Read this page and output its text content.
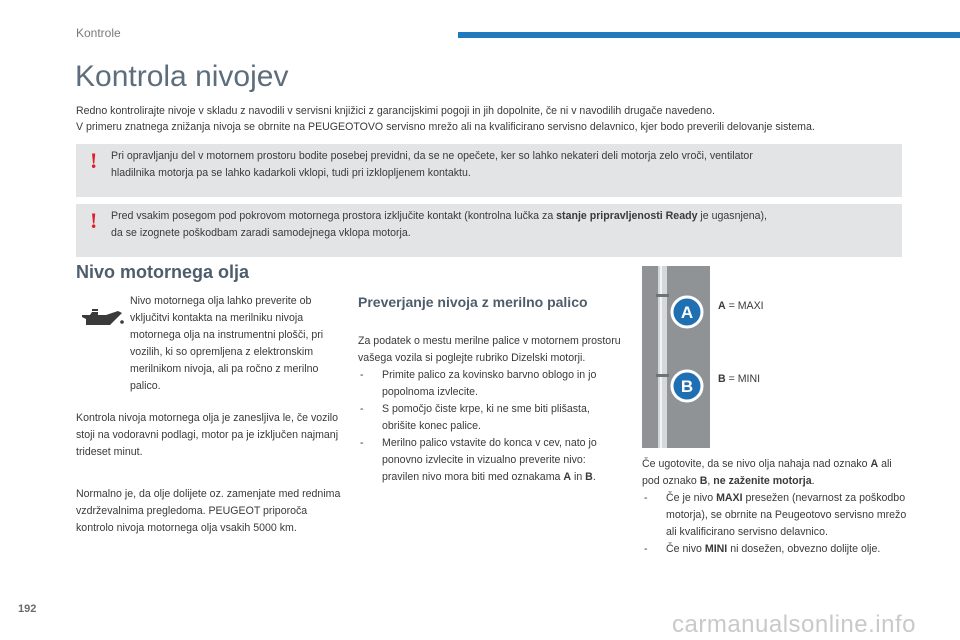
Kontrole
Kontrola nivojev

Redno kontrolirajte nivoje v skladu z navodili v servisni knjižici z garancijskimi pogoji in jih dopolnite, če ni v navodilih drugače navedeno.

V primeru znatnega znižanja nivoja se obrnite na PEUGEOTOVO servisno mrežo ali na kvalificirano servisno delavnico, kjer bodo preverili delovanje sistema.

! Pri opravljanju del v motornem prostoru bodite posebej previdni, da se ne opečete, ker so lahko nekateri deli motorja zelo vroči, ventilator
hladilnika motorja pa se lahko kadarkoli vklopi, tudi pri izklopljenem kontaktu.
! Pred vsakim posegom pod pokrovom motornega prostora izključite kontakt (kontrolna lučka za stanje pripravljenosti Ready je ugasnjena),
da se izognete poškodbam zaradi samodejnega vklopa motorja.
Nivo motornega olja
Nivo motornega olja lahko preverite ob vključitvi kontakta na merilniku nivoja motornega olja na instrumentni plošči, pri vozilih, ki so opremljena z elektronskim merilnikom nivoja, ali pa ročno z merilno palico.
Kontrola nivoja motornega olja je zanesljiva le, če vozilo stoji na vodoravni podlagi, motor pa je izključen najmanj trideset minut.
Normalno je, da olje dolijete oz. zamenjate med rednima vzdrževalnima pregledoma. PEUGEOT priporoča kontrolo nivoja motornega olja vsakih 5000 km.
Preverjanje nivoja z merilno palico

Za podatek o mestu merilne palice v motornem prostoru vašega vozila si poglejte rubriko Dizelski motorji.

- Primite palico za kovinsko barvno oblogo in jo popolnoma izvlecite.
- S pomočjo čiste krpe, ki ne sme biti plišasta, obrišite konec palice.
- Merilno palico vstavite do konca v cev, nato jo ponovno izvlecite in vizualno preverite nivo: pravilen nivo mora biti med oznakama A in B.
A
B
A = MAXI
B = MINI

Če ugotovite, da se nivo olja nahaja nad oznako A ali pod oznako B, ne zaženite motorja.

- Če je nivo MAXI presežen (nevarnost za poškodbo motorja), se obrnite na Peugeotovo servisno mrežo ali kvalificirano servisno delavnico.
- Če nivo MINI ni dosežen, obvezno dolijte olje.
192
carmanualsonline.info
